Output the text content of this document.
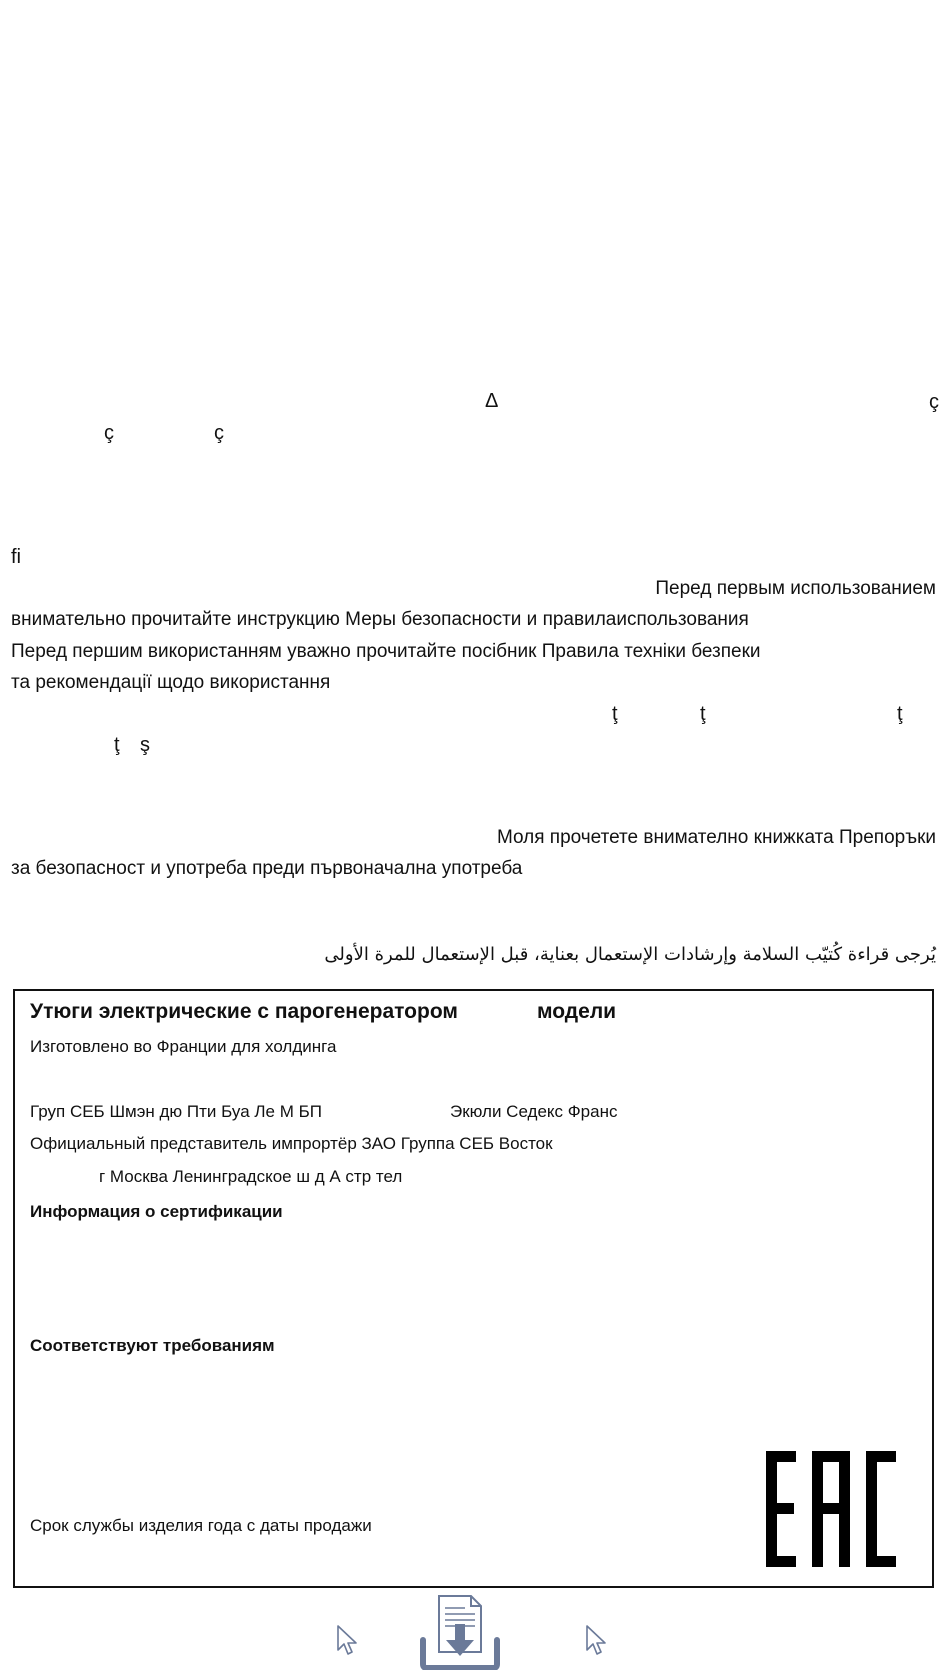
Δ	ç
ç	ç
ﬁ
Перед первым использованием
внимательно прочитайте инструкцию Меры безопасности и правилаиспользования
Перед першим використанням уважно прочитайте посібник Правила техніки безпеки
та рекомендації щодо використання
ţ	ţ	ţ
ţ ş
Моля прочетете внимателно книжката Препоръки
за безопасност и употреба преди първоначална употреба
يُرجى قراءة كُتيّب السلامة وإرشادات الإستعمال بعناية، قبل الإستعمال للمرة الأولى
Утюги электрические с парогенератором	модели
Изготовлено во Франции для холдинга
Груп СЕБ Шмэн дю Пти Буа Ле М БП	Экюли Седекс Франс
Официальный представитель импрортёр ЗАО Группа СЕБ Восток
г Москва Ленинградское ш д А стр тел
Информация о сертификации
Соответствуют требованиям
Срок службы изделия года с даты продажи
